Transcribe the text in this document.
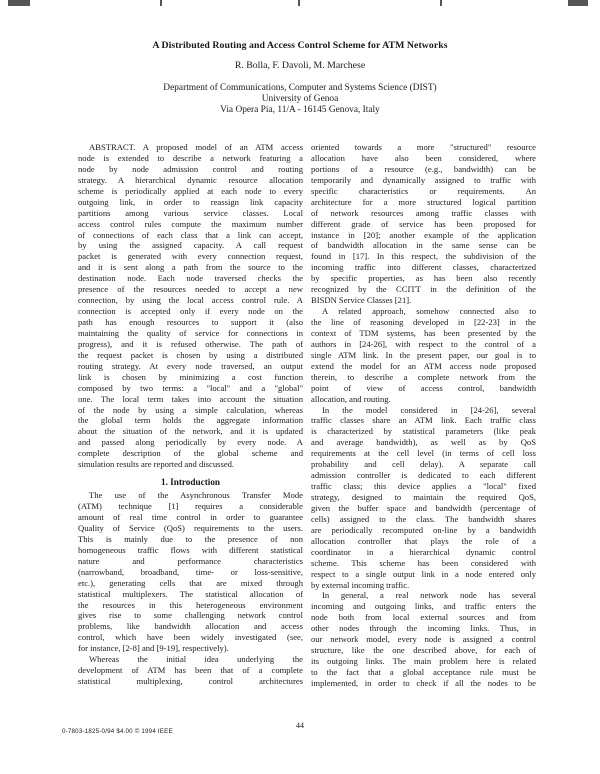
A Distributed Routing and Access Control Scheme for ATM Networks
R. Bolla, F. Davoli, M. Marchese
Department of Communications, Computer and Systems Science (DIST)
University of Genoa
Via Opera Pia, 11/A - 16145 Genova, Italy
ABSTRACT. A proposed model of an ATM access
node is extended to describe a network featuring a
node by node admission control and routing
strategy. A hierarchical dynamic resource allocation
scheme is periodically applied at each node to every
outgoing link, in order to reassign link capacity
partitions among various service classes. Local
access control rules compute the maximum number
of connections of each class that a link can accept,
by using the assigned capacity. A call request
packet is generated with every connection request,
and it is sent along a path from the source to the
destination node. Each node traversed checks the
presence of the resources needed to accept a new
connection, by using the local access control rule. A
connection is accepted only if every node on the
path has enough resources to support it (also
maintaining the quality of service for connections in
progress), and it is refused otherwise. The path of
the request packet is chosen by using a distributed
routing strategy. At every node traversed, an output
link is chosen by minimizing a cost function
composed by two terms: a "local" and a "global"
one. The local term takes into account the situation
of the node by using a simple calculation, whereas
the global term holds the aggregate information
about the situation of the network, and it is updated
and passed along periodically by every node. A
complete description of the global scheme and
simulation results are reported and discussed.
1. Introduction
The use of the Asynchronous Transfer Mode
(ATM) technique [1] requires a considerable
amount of real time control in order to guarantee
Quality of Service (QoS) requirements to the users.
This is mainly due to the presence of non
homogeneous traffic flows with different statistical
nature and performance characteristics
(narrowband, broadband, time- or loss-sensitive,
etc.), generating cells that are mixed through
statistical multiplexers. The statistical allocation of
the resources in this heterogeneous environment
gives rise to some challenging network control
problems, like bandwidth allocation and access
control, which have been widely investigated (see,
for instance, [2-8] and [9-19], respectively).
Whereas the initial idea underlying the
development of ATM has been that of a complete
statistical multiplexing, control architectures
oriented towards a more "structured" resource
allocation have also been considered, where
portions of a resource (e.g., bandwidth) can be
temporarily and dynamically assigned to traffic with
specific characteristics or requirements. An
architecture for a more structured logical partition
of network resources among traffic classes with
different grade of service has been proposed for
instance in [20]; another example of the application
of bandwidth allocation in the same sense can be
found in [17]. In this respect, the subdivision of the
incoming traffic into different classes, characterized
by specific properties, as has been also recently
recognized by the CCITT in the definition of the
BISDN Service Classes [21].
A related approach, somehow connected also to
the line of reasoning developed in [22-23] in the
context of TDM systems, has been presented by the
authors in [24-26], with respect to the control of a
single ATM link. In the present paper, our goal is to
extend the model for an ATM access node proposed
therein, to describe a complete network from the
point of view of access control, bandwidth
allocation, and routing.
In the model considered in [24-26], several
traffic classes share an ATM link. Each traffic class
is characterized by statistical parameters (like peak
and average bandwidth), as well as by QoS
requirements at the cell level (in terms of cell loss
probability and cell delay). A separate call
admission controller is dedicated to each different
traffic class; this device applies a "local" fixed
strategy, designed to maintain the required QoS,
given the buffer space and bandwidth (percentage of
cells) assigned to the class. The bandwidth shares
are periodically recomputed on-line by a bandwidth
allocation controller that plays the role of a
coordinator in a hierarchical dynamic control
scheme. This scheme has been considered with
respect to a single output link in a node entered only
by external incoming traffic.
In general, a real network node has several
incoming and outgoing links, and traffic enters the
node both from local external sources and from
other nodes through the incoming links. Thus, in
our network model, every node is assigned a control
structure, like the one described above, for each of
its outgoing links. The main problem here is related
to the fact that a global acceptance rule must be
implemented, in order to check if all the nodes to be
44
0-7803-1825-0/94 $4.00 © 1994 IEEE
